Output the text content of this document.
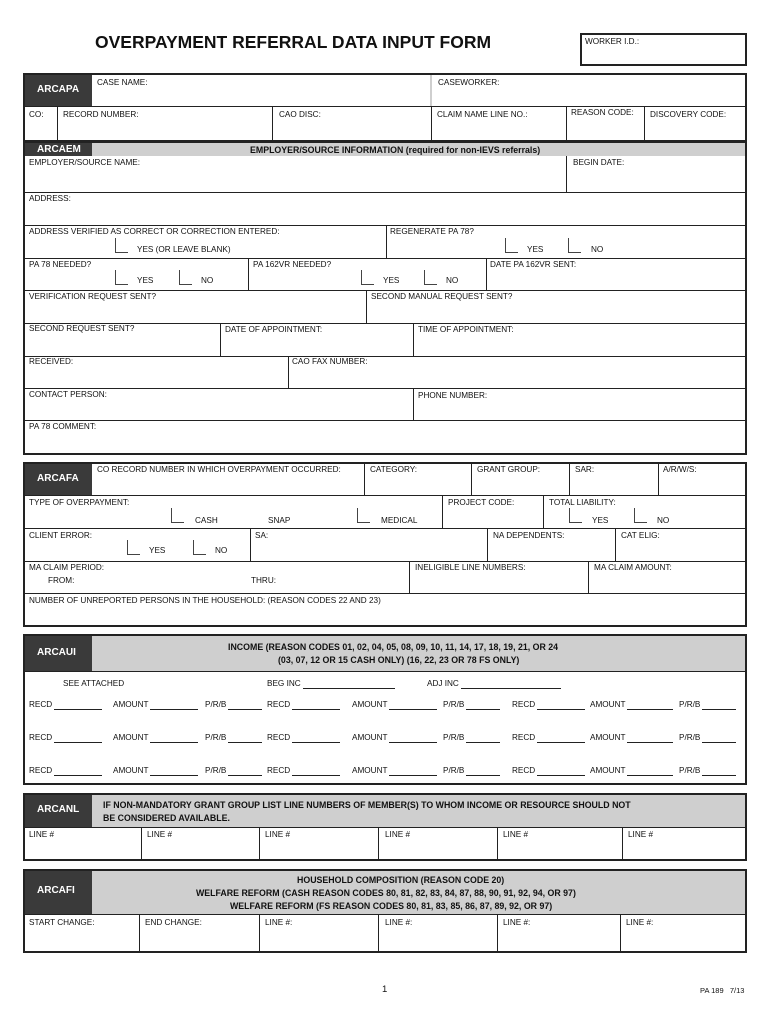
OVERPAYMENT REFERRAL DATA INPUT FORM	WORKER I.D.:
ARCAPA
CASE NAME:	CASEWORKER:
CO: RECORD NUMBER:	CAO DISC:	CLAIM NAME LINE NO.:	REASON CODE: DISCOVERY CODE:
ARCAEM	EMPLOYER/SOURCE INFORMATION (required for non-IEVS referrals)
EMPLOYER/SOURCE NAME:	BEGIN DATE:
ADDRESS:
ADDRESS VERIFIED AS CORRECT OR CORRECTION ENTERED:
YES (OR LEAVE BLANK)
REGENERATE PA 78?
YES	NO
PA 78 NEEDED?
YES	NO
PA 162VR NEEDED?
YES	NO
DATE PA 162VR SENT:
VERIFICATION REQUEST SENT?	SECOND MANUAL REQUEST SENT?
SECOND REQUEST SENT?	DATE OF APPOINTMENT:	TIME OF APPOINTMENT:
RECEIVED:	CAO FAX NUMBER:
CONTACT PERSON:	PHONE NUMBER:
PA 78 COMMENT:
ARCAFA
CO RECORD NUMBER IN WHICH OVERPAYMENT OCCURRED:	CATEGORY:	GRANT GROUP:	SAR:	A/R/W/S:
TYPE OF OVERPAYMENT:
CASH	SNAP	MEDICAL
PROJECT CODE:	TOTAL LIABILITY:
YES	NO
CLIENT ERROR:
YES	NO
SA:	NA DEPENDENTS:	CAT ELIG:
MA CLAIM PERIOD:
FROM:	THRU:
INELIGIBLE LINE NUMBERS:	MA CLAIM AMOUNT:
NUMBER OF UNREPORTED PERSONS IN THE HOUSEHOLD: (REASON CODES 22 AND 23)
ARCAUI	INCOME (REASON CODES 01, 02, 04, 05, 08, 09, 10, 11, 14, 17, 18, 19, 21, OR 24
(03, 07, 12 OR 15 CASH ONLY) (16, 22, 23 OR 78 FS ONLY)
SEE ATTACHED	BEG INC	ADJ INC
RECD	AMOUNT	P/R/B	RECD	AMOUNT	P/R/B	RECD	AMOUNT	P/R/B
RECD	AMOUNT	P/R/B	RECD	AMOUNT	P/R/B	RECD	AMOUNT	P/R/B
RECD	AMOUNT	P/R/B	RECD	AMOUNT	P/R/B	RECD	AMOUNT	P/R/B
ARCANL	IF NON-MANDATORY GRANT GROUP LIST LINE NUMBERS OF MEMBER(S) TO WHOM INCOME OR RESOURCE SHOULD NOT
BE CONSIDERED AVAILABLE.
LINE #	LINE #	LINE #	LINE #	LINE #	LINE #
ARCAFI
HOUSEHOLD COMPOSITION (REASON CODE 20)
WELFARE REFORM (CASH REASON CODES 80, 81, 82, 83, 84, 87, 88, 90, 91, 92, 94, OR 97)
WELFARE REFORM (FS REASON CODES 80, 81, 83, 85, 86, 87, 89, 92, OR 97)
START CHANGE:	END CHANGE:	LINE #:	LINE #:	LINE #:	LINE #:
1	PA 189   7/13
